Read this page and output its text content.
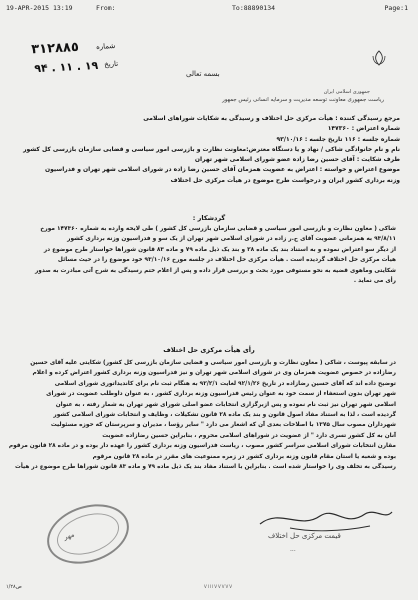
19-APR-2015 13:19	From:	To:88890134	Page:1
٣١٢٨٨٥ شماره
۹۴ . ۱۱ . ۱۹ تاریخ
بسمه تعالی
جمهوری اسلامی ایران
ریاست جمهوری معاونت توسعه مدیریت و سرمایه انسانی رئیس جمهور
مرجع رسیدگی کننده : هیأت مرکزی حل اختلاف و رسیدگی به شکایات شوراهای اسلامی
شماره اعتراض : ۱۴۷۳۶۰
شماره جلسه : ۱۱۶ تاریخ جلسه : ۹۳/۱۰/۱۶
نام و نام خانوادگی شاکی / نهاد و یا دستگاه معترض:معاونت نظارت و بازرسی امور سیاسی و قضایی سازمان بازرسی کل کشور
طرف شکایت : آقای حسین رضا زاده عضو شورای اسلامی شهر تهران
موضوع اعتراض و خواسته : اعتراض به عضویت همزمان آقای حسین رضا زاده در شورای اسلامی شهر تهران و فدراسیون
وزنه برداری کشور ایران و درخواست طرح موضوع در هیأت مرکزی حل اختلاف
گردشکار :
شاکی ( معاون نظارت و بازرسی امور سیاسی و قضایی سازمان بازرسی کل کشور ) طی لایحه وارده به شماره ۱۴۷۳۶۰ مورخ
۹۳/۸/۱۱ به همزمانی عضویت آقای ح.ر زاده در شورای اسلامی شهر تهران از یک سو و فدراسیون وزنه برداری کشور
از دیگر سو اعتراض نموده و به استناد بند یک ماده ۲۸ و بند یک ذیل ماده ۷۹ و ماده ۸۳ قانون شوراها خواستار طرح موضوع در
هیأت مرکزی حل اختلاف گردیده است . هیأت مرکزی حل اختلاف در جلسه مورخ ۹۳/۱۰/۱۶ خود موضوع را در حیث مسائل
شکایتی وماهوی قضیه به نحو مستوفی مورد بحث و بررسی قرار داده و پس از اعلام ختم رسیدگی به شرح آتی مبادرت به صدور
رأی می نماید .
رأی هیأت مرکزی حل اختلاف
در سابقه پیوست ، شاکی ( معاون نظارت و بازرسی امور سیاسی و قضایی سازمان بازرسی کل کشور) شکایتی علیه آقای حسین
رضازاده در خصوص عضویت همزمان وی در شورای اسلامی شهر تهران و نیز فدراسیون وزنه برداری کشور اعتراض کرده و اعلام
توضیح داده اند که آقای حسین رضازاده در تاریخ ۹۲/۱/۲۶ لغایت ۹۲/۲/۱ به هنگام ثبت نام برای کاندیداتوری شورای اسلامی
شهر تهران بدون استعفاء از سمت خود به عنوان رئیس فدراسیون وزنه برداری کشور ، به عنوان داوطلب عضویت در شورای
اسلامی شهر تهران نیز ثبت نام نموده و پس ازبرگزاری انتخابات عضو اصلی شورای شهر تهران به شمار رفته ، به عنوان
گردیده است ، لذا به استناد مفاد اصول قانون و بند یک ماده ۲۸ قانون تشکیلات ، وظایف و انتخابات شورای اسلامی کشور
شهرداران مصوب سال ۱۳۷۵ با اصلاحات بعدی آن که اشعار می دارد " سایر رؤسا ، مدیران و سرپرستان که حوزه مسئولیت
آنان به کل کشور تسری دارد " از عضویت در شوراهای اسلامی محروم ، بنابراین حسین رضازاده عضویت
مقارن انتخابات شورای اسلامی سراسر کشور مصوب ، ریاست فدراسیون وزنه برداری کشور را عهده دار بوده و در ماده ۲۸ قانون مرقوم
بوده و شعبه یا استان مقام قانون وزنه برداری کشور در زمره ممنوعیت های مقرر در ماده ۲۸ قانون مرقوم
رسیدگی به تخلف وی را خواستار شده است . بنابراین با استناد مفاد بند یک ذیل ماده ۷۹ و ماده ۸۳ قانون شوراها طرح موضوع در هیأت
مهر	قیمت مرکزی حل اختلاف
...
ص۱/۲۸	VIIIVVVVV
